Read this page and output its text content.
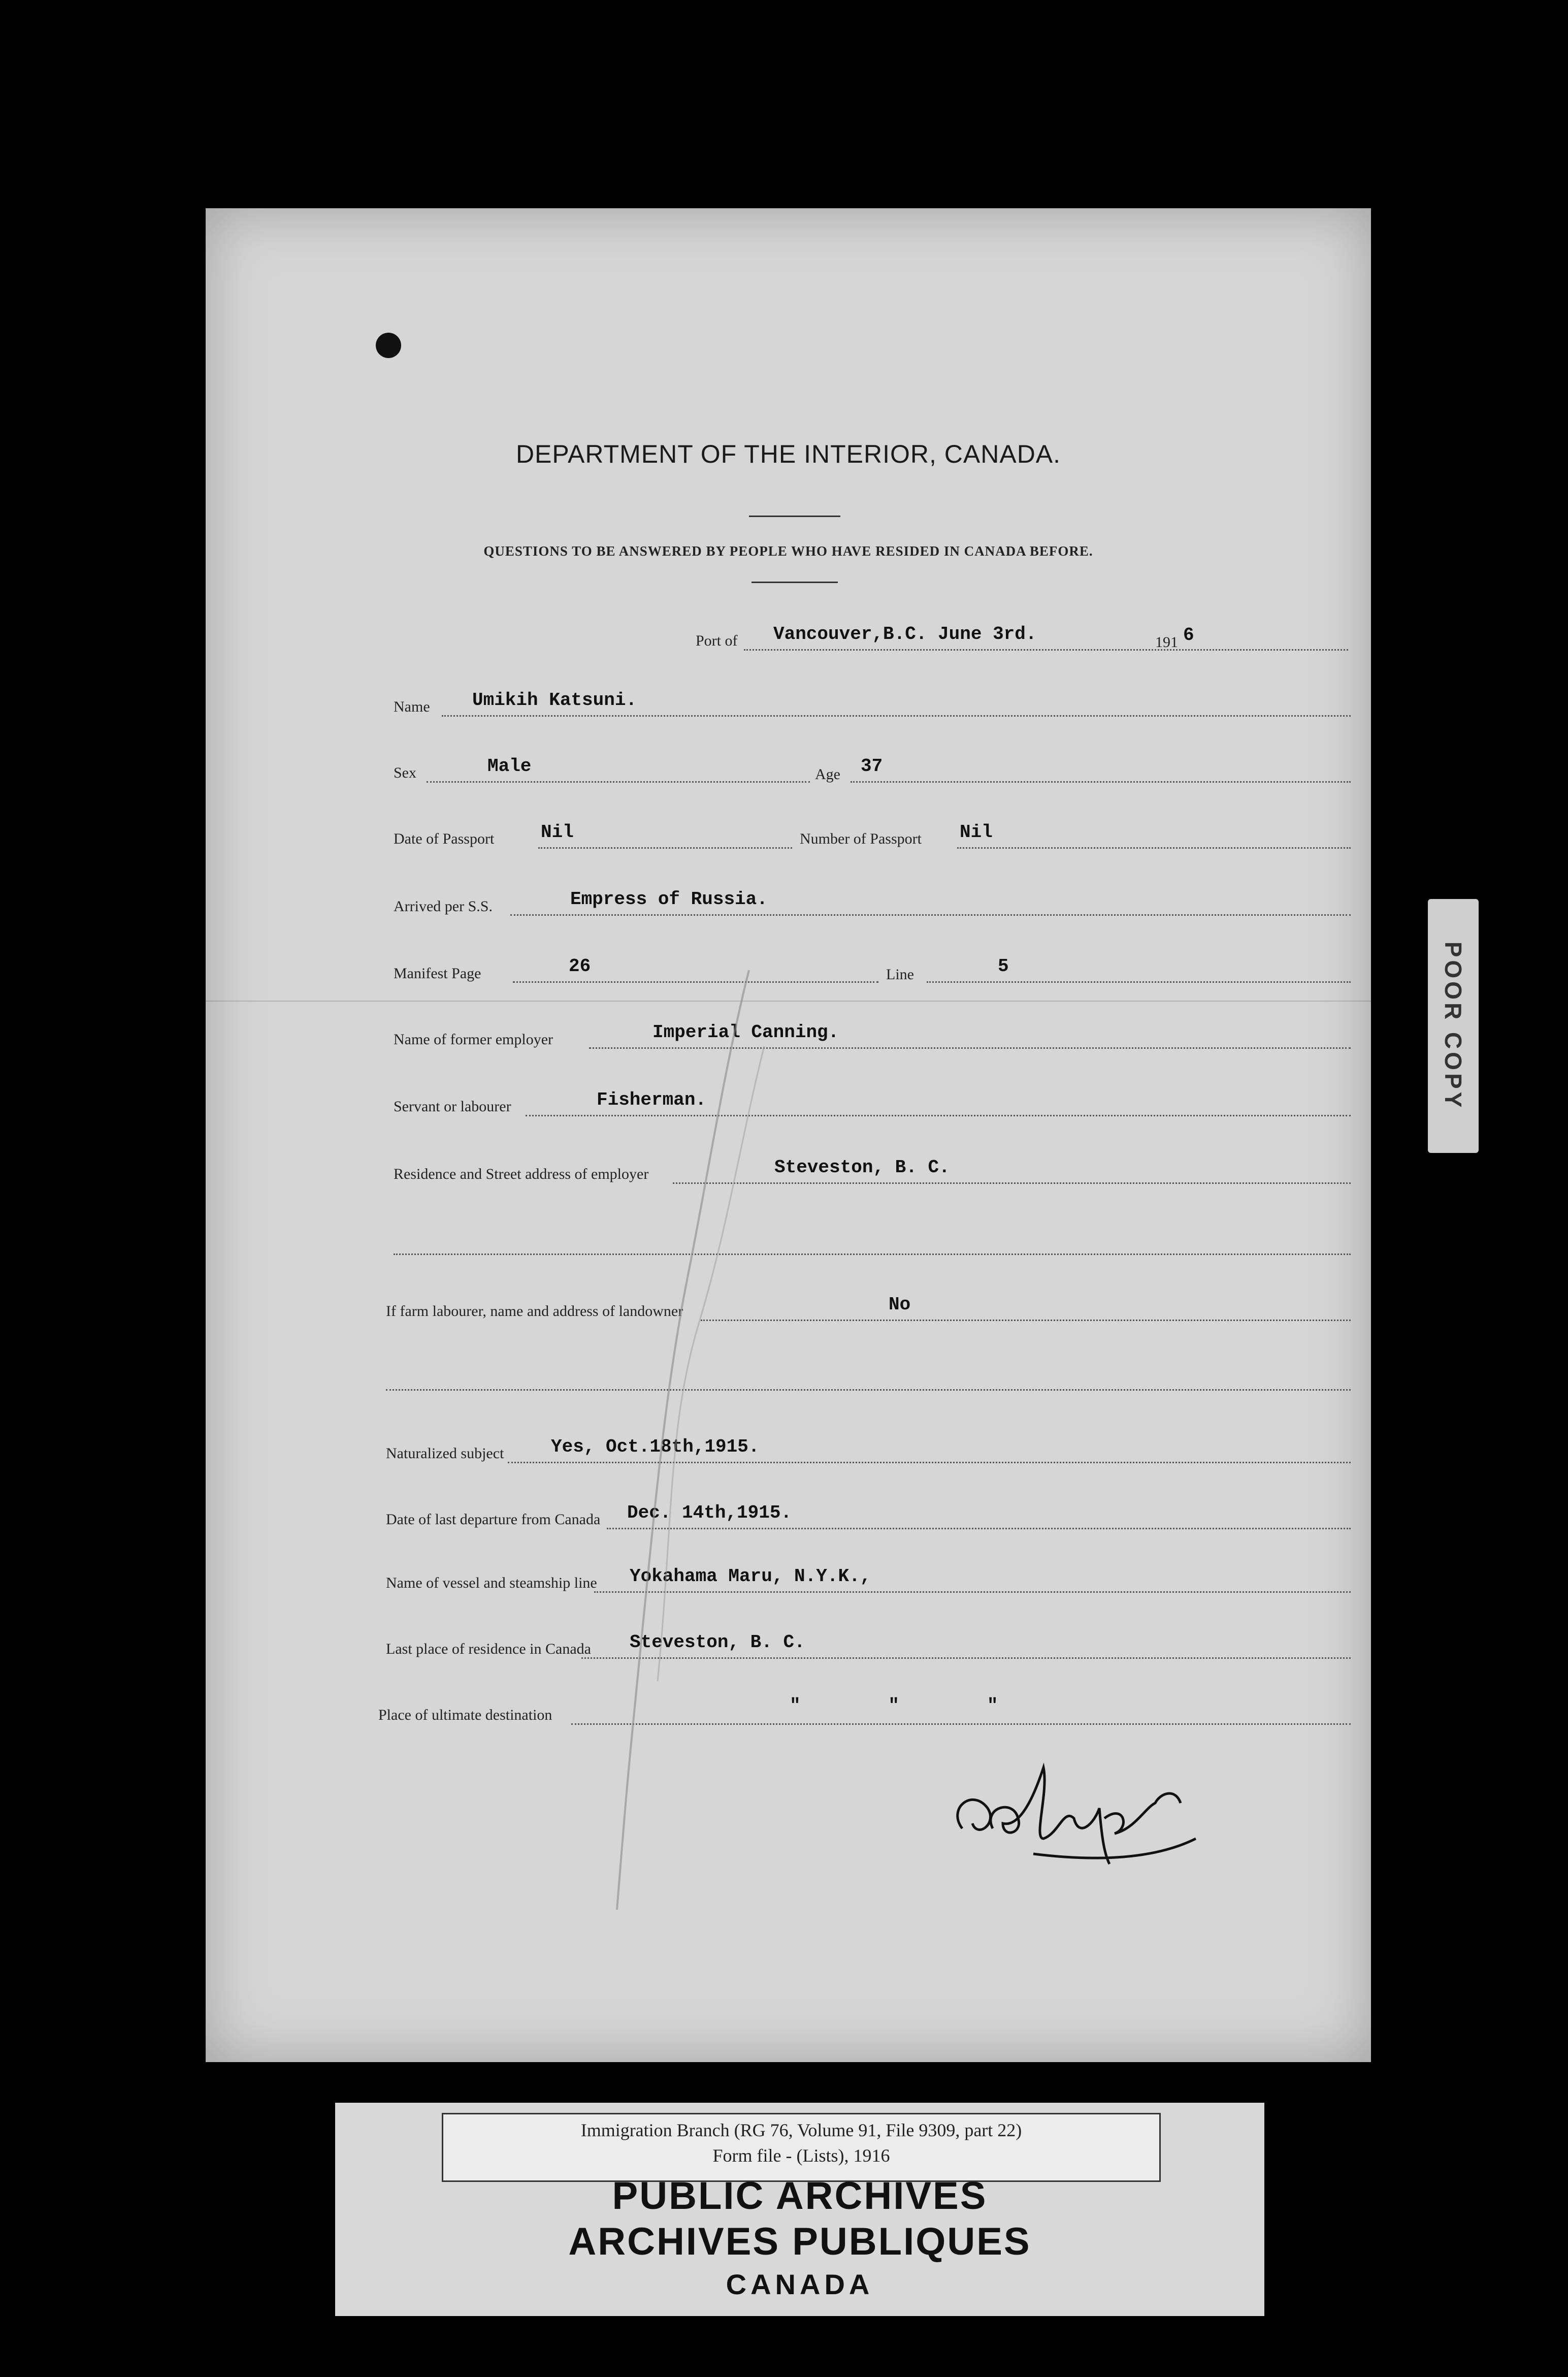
DEPARTMENT OF THE INTERIOR, CANADA.
QUESTIONS TO BE ANSWERED BY PEOPLE WHO HAVE RESIDED IN CANADA BEFORE.
Port of Vancouver,B.C. June 3rd.	191 6
Name Umikih Katsuni.
Sex	Male	Age 37
Date of Passport	Nil	Number of Passport Nil
Arrived per S.S.	Empress of Russia.
Manifest Page	26	Line	5
Name of former employer	Imperial Canning.
Servant or labourer	Fisherman.
Residence and Street address of employer	Steveston, B. C.
If farm labourer, name and address of landowner	No
Naturalized subject	Yes, Oct.18th,1915.
Date of last departure from Canada Dec. 14th,1915.
Name of vessel and steamship line Yokahama Maru, N.Y.K.,
Last place of residence in Canada Steveston, B. C.
Place of ultimate destination	"        "        "
POOR COPY
Immigration Branch (RG 76, Volume 91, File 9309, part 22)
Form file - (Lists), 1916
PUBLIC ARCHIVES
ARCHIVES PUBLIQUES
CANADA
